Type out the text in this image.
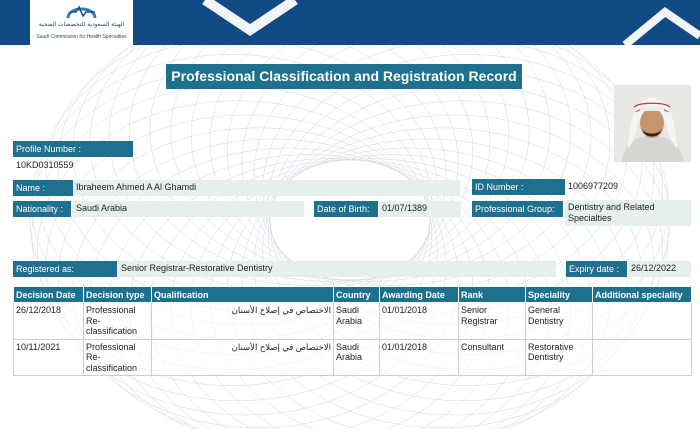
الهيئة السعودية للتخصصات الصحية
Saudi Commission for Health Specialties
Professional Classification and Registration Record
Profile Number :
10KD0310559
Name :	Ibraheem Ahmed A Al Ghamdi	ID Number :	1006977209
Nationality :	Saudi Arabia	Date of Birth:	01/07/1389	Professional Group:	Dentistry and Related Specialties
Registered as:	Senior Registrar-Restorative Dentistry	Expiry date :	26/12/2022
Decision Date	Decision type	Qualification	Country	Awarding Date	Rank	Speciality	Additional speciality
26/12/2018	Professional Re-classification	الاختصاص في إصلاح الأسنان	Saudi Arabia	01/01/2018	Senior Registrar	General Dentistry	
10/11/2021	Professional Re-classification	الاختصاص في إصلاح الأسنان	Saudi Arabia	01/01/2018	Consultant	Restorative Dentistry	
